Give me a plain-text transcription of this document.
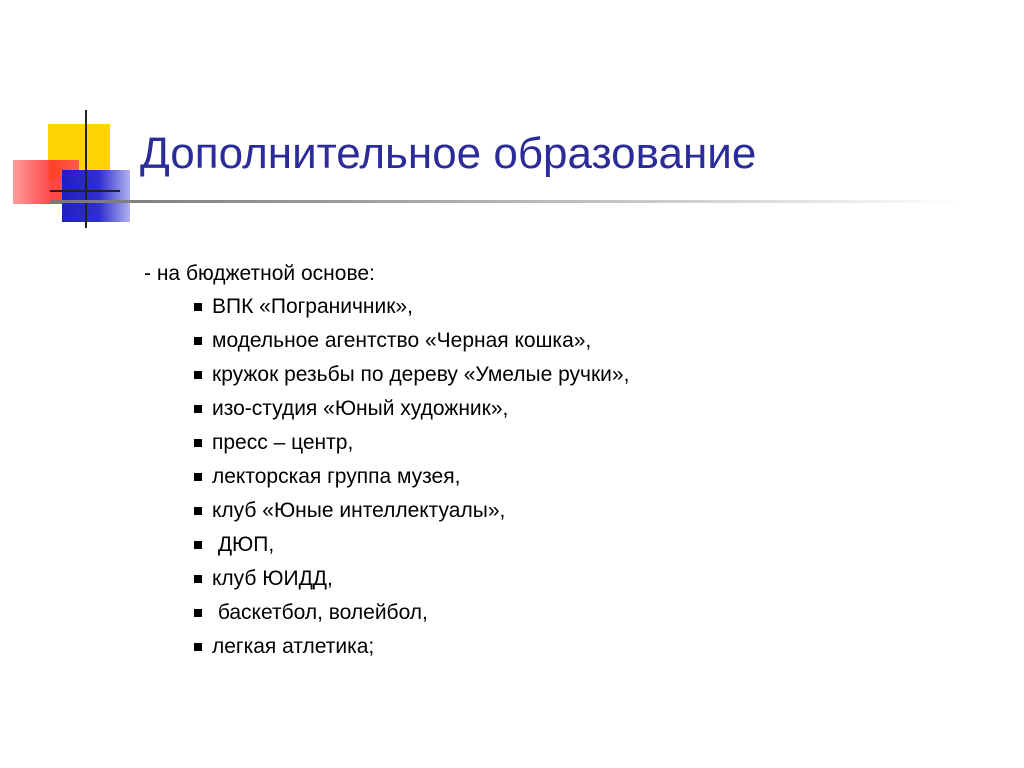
Дополнительное образование
- на бюджетной основе:
ВПК «Пограничник»,
модельное агентство «Черная кошка»,
кружок резьбы по дереву «Умелые ручки»,
изо-студия «Юный художник»,
пресс – центр,
лекторская группа музея,
клуб «Юные интеллектуалы»,
ДЮП,
клуб ЮИДД,
баскетбол, волейбол,
легкая атлетика;
